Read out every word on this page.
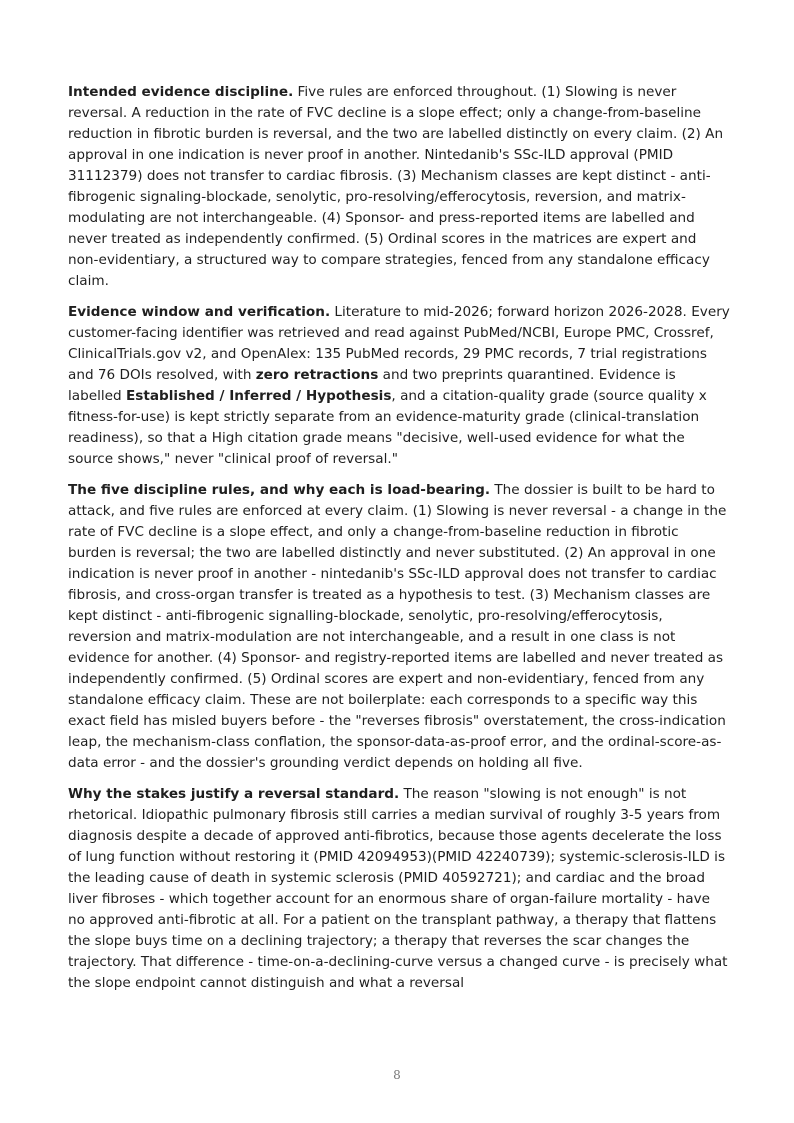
Intended evidence discipline. Five rules are enforced throughout. (1) Slowing is never reversal. A reduction in the rate of FVC decline is a slope effect; only a change-from-baseline reduction in fibrotic burden is reversal, and the two are labelled distinctly on every claim. (2) An approval in one indication is never proof in another. Nintedanib's SSc-ILD approval (PMID 31112379) does not transfer to cardiac fibrosis. (3) Mechanism classes are kept distinct - anti-fibrogenic signaling-blockade, senolytic, pro-resolving/efferocytosis, reversion, and matrix-modulating are not interchangeable. (4) Sponsor- and press-reported items are labelled and never treated as independently confirmed. (5) Ordinal scores in the matrices are expert and non-evidentiary, a structured way to compare strategies, fenced from any standalone efficacy claim.

Evidence window and verification. Literature to mid-2026; forward horizon 2026-2028. Every customer-facing identifier was retrieved and read against PubMed/NCBI, Europe PMC, Crossref, ClinicalTrials.gov v2, and OpenAlex: 135 PubMed records, 29 PMC records, 7 trial registrations and 76 DOIs resolved, with zero retractions and two preprints quarantined. Evidence is labelled Established / Inferred / Hypothesis, and a citation-quality grade (source quality x fitness-for-use) is kept strictly separate from an evidence-maturity grade (clinical-translation readiness), so that a High citation grade means "decisive, well-used evidence for what the source shows," never "clinical proof of reversal."

The five discipline rules, and why each is load-bearing. The dossier is built to be hard to attack, and five rules are enforced at every claim. (1) Slowing is never reversal - a change in the rate of FVC decline is a slope effect, and only a change-from-baseline reduction in fibrotic burden is reversal; the two are labelled distinctly and never substituted. (2) An approval in one indication is never proof in another - nintedanib's SSc-ILD approval does not transfer to cardiac fibrosis, and cross-organ transfer is treated as a hypothesis to test. (3) Mechanism classes are kept distinct - anti-fibrogenic signalling-blockade, senolytic, pro-resolving/efferocytosis, reversion and matrix-modulation are not interchangeable, and a result in one class is not evidence for another. (4) Sponsor- and registry-reported items are labelled and never treated as independently confirmed. (5) Ordinal scores are expert and non-evidentiary, fenced from any standalone efficacy claim. These are not boilerplate: each corresponds to a specific way this exact field has misled buyers before - the "reverses fibrosis" overstatement, the cross-indication leap, the mechanism-class conflation, the sponsor-data-as-proof error, and the ordinal-score-as-data error - and the dossier's grounding verdict depends on holding all five.

Why the stakes justify a reversal standard. The reason "slowing is not enough" is not rhetorical. Idiopathic pulmonary fibrosis still carries a median survival of roughly 3-5 years from diagnosis despite a decade of approved anti-fibrotics, because those agents decelerate the loss of lung function without restoring it (PMID 42094953)(PMID 42240739); systemic-sclerosis-ILD is the leading cause of death in systemic sclerosis (PMID 40592721); and cardiac and the broad liver fibroses - which together account for an enormous share of organ-failure mortality - have no approved anti-fibrotic at all. For a patient on the transplant pathway, a therapy that flattens the slope buys time on a declining trajectory; a therapy that reverses the scar changes the trajectory. That difference - time-on-a-declining-curve versus a changed curve - is precisely what the slope endpoint cannot distinguish and what a reversal

8
